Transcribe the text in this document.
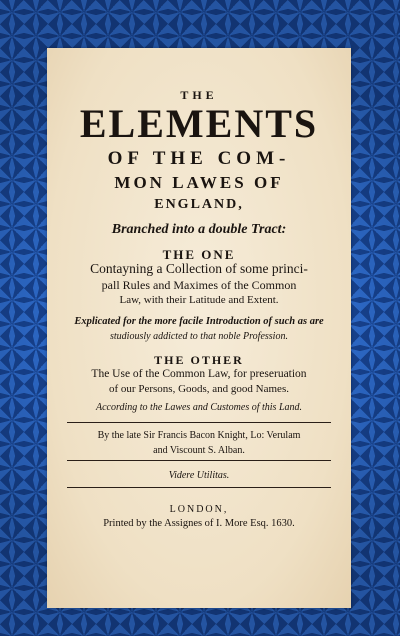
THE
ELEMENTS
OF THE COM-
MON LAWES OF
ENGLAND,
Branched into a double Tract:
THE ONE
Contayning a Collection of some princi-
pall Rules and Maximes of the Common
Law, with their Latitude and Extent.
Explicated for the more facile Introduction of such as are
studiously addicted to that noble Profession.
THE OTHER
The Use of the Common Law, for preseruation
of our Persons, Goods, and good Names.
According to the Lawes and Customes of this Land.
By the late Sir Francis Bacon Knight, Lo: Verulam
and Viscount S. Alban.
Videre Utilitas.
LONDON,
Printed by the Assignes of I. More Esq. 1630.
